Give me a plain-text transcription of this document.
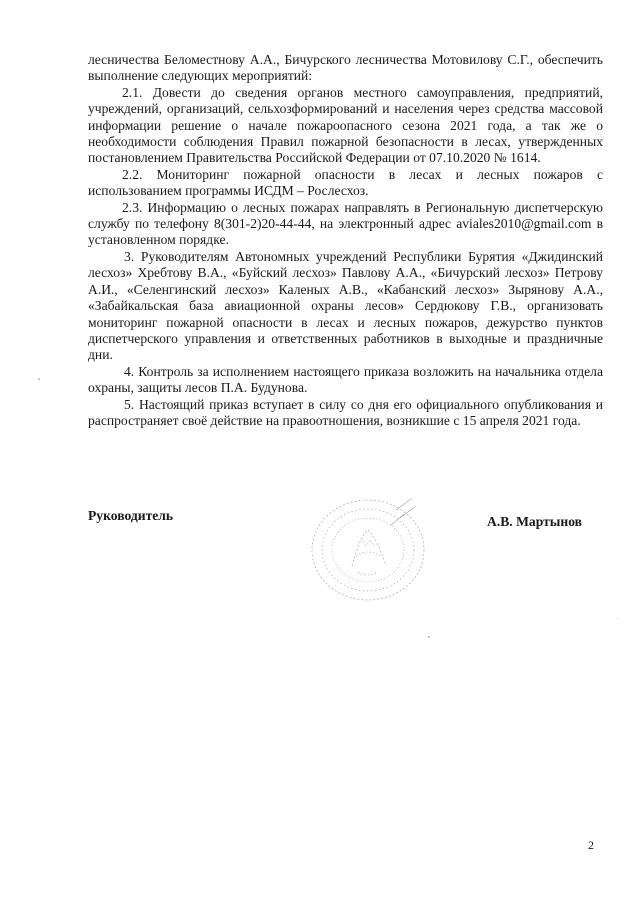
лесничества Беломестнову А.А., Бичурского лесничества Мотовилову С.Г., обеспечить выполнение следующих мероприятий:

2.1. Довести до сведения органов местного самоуправления, предприятий, учреждений, организаций, сельхозформирований и населения через средства массовой информации решение о начале пожароопасного сезона 2021 года, а так же о необходимости соблюдения Правил пожарной безопасности в лесах, утвержденных постановлением Правительства Российской Федерации от 07.10.2020 № 1614.

2.2. Мониторинг пожарной опасности в лесах и лесных пожаров с использованием программы ИСДМ – Рослесхоз.

2.3. Информацию о лесных пожарах направлять в Региональную диспетчерскую службу по телефону 8(301-2)20-44-44, на электронный адрес aviales2010@gmail.com в установленном порядке.

3. Руководителям Автономных учреждений Республики Бурятия «Джидинский лесхоз» Хребтову В.А., «Буйский лесхоз» Павлову А.А., «Бичурский лесхоз» Петрову А.И., «Селенгинский лесхоз» Каленых А.В., «Кабанский лесхоз» Зырянову А.А., «Забайкальская база авиационной охраны лесов» Сердюкову Г.В., организовать мониторинг пожарной опасности в лесах и лесных пожаров, дежурство пунктов диспетчерского управления и ответственных работников в выходные и праздничные дни.

4. Контроль за исполнением настоящего приказа возложить на начальника отдела охраны, защиты лесов П.А. Будунова.

5. Настоящий приказ вступает в силу со дня его официального опубликования и распространяет своё действие на правоотношения, возникшие с 15 апреля 2021 года.

Руководитель	А.В. Мартынов
2
